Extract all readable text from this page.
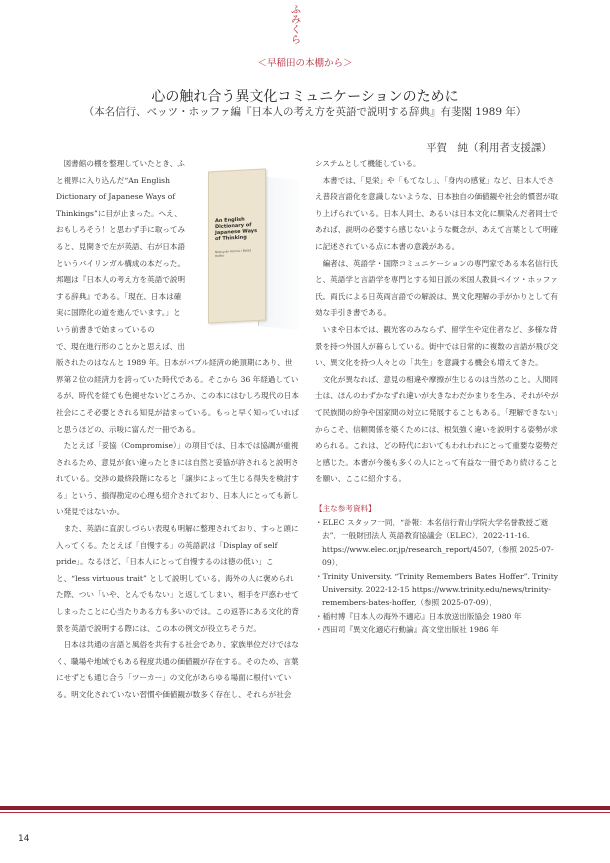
ふみくら
＜早稲田の本棚から＞
心の触れ合う異文化コミュニケーションのために
（本名信行、ベッツ・ホッファ編『日本人の考え方を英語で説明する辞典』有斐閣 1989 年）
平賀　純（利用者支援課）
An English Dictionary of Japanese Ways of Thinking
Nobuyuki Honna / Bates Hoffer

図書館の棚を整理していたとき、ふと視界に入り込んだ“An English Dictionary of Japanese Ways of Thinkings”に目が止まった。へえ、おもしろそう！と思わず手に取ってみると、見開きで左が英語、右が日本語というバイリンガル構成の本だった。邦題は『日本人の考え方を英語で説明する辞典』である。「現在、日本は確実に国際化の道を進んでいます。」という前書きで始まっているの

で、現在進行形のことかと思えば、出版されたのはなんと 1989 年。日本がバブル経済の絶頂期にあり、世界第２位の経済力を誇っていた時代である。そこから 36 年経過しているが、時代を経ても色褪せないどころか、この本にはむしろ現代の日本社会にこそ必要とされる知見が詰まっている。もっと早く知っていればと思うほどの、示唆に富んだ一冊である。

たとえば「妥協（Compromise）」の項目では、日本では協調が重視されるため、意見が食い違ったときには自然と妥協が許されると説明されている。交渉の最終段階になると「譲歩によって生じる得失を検討する」という、損得勘定の心理も紹介されており、日本人にとっても新しい発見ではないか。

また、英語に直訳しづらい表現も明解に整理されており、すっと頭に入ってくる。たとえば「自慢する」の英語訳は「Display of self pride」。なるほど、「日本人にとって自慢するのは徳の低い」こと、“less virtuous trait” として説明している。海外の人に褒められた際、つい「いや、とんでもない」と返してしまい、相手を戸惑わせてしまったことに心当たりある方も多いのでは。この返答にある文化的背景を英語で説明する際には、この本の例文が役立ちそうだ。

日本は共通の言語と風俗を共有する社会であり、家族単位だけではなく、職場や地域でもある程度共通の価値観が存在する。そのため、言葉にせずとも通じ合う「ツーカー」の文化があらゆる場面に根付いている。明文化されていない習慣や価値観が数多く存在し、それらが社会

システムとして機能している。

本書では、「見栄」や「もてなし」、「身内の感覚」など、日本人でさえ普段言語化を意識しないような、日本独自の価値観や社会的慣習が取り上げられている。日本人同士、あるいは日本文化に馴染んだ者同士であれば、説明の必要すら感じないような概念が、あえて言葉として明確に記述されている点に本書の意義がある。

編者は、英語学・国際コミュニケーションの専門家である本名信行氏と、英語学と言語学を専門とする知日派の米国人教員ベイツ・ホッファ氏。両氏による日英両言語での解説は、異文化理解の手がかりとして有効な手引き書である。

いまや日本では、観光客のみならず、留学生や定住者など、多様な背景を持つ外国人が暮らしている。街中では日常的に複数の言語が飛び交い、異文化を持つ人々との「共生」を意識する機会も増えてきた。

文化が異なれば、意見の相違や摩擦が生じるのは当然のこと。人間同士は、ほんのわずかなずれ違いが大きなわだかまりを生み、それがやがて民族間の紛争や国家間の対立に発展することもある。「理解できない」からこそ、信頼関係を築くためには、根気強く違いを説明する姿勢が求められる。これは、どの時代においてもわれわれにとって重要な姿勢だと感じた。本書が今後も多くの人にとって有益な一冊であり続けることを願い、ここに紹介する。

【主な参考資料】

・ELEC スタッフ一同．“訃報：本名信行青山学院大学名誉教授ご逝去”．一般財団法人 英語教育協議会（ELEC）．2022-11-16. https://www.elec.or.jp/research_report/4507,（参照 2025-07-09）．

・Trinity University. “Trinity Remembers Bates Hoffer”. Trinity University. 2022-12-15 https://www.trinity.edu/news/trinity-remembers-bates-hoffer,（参照 2025-07-09）．

・稲村博『日本人の海外不適応』日本放送出版協会 1980 年

・西田司『異文化適応行動論』高文堂出版社 1986 年

14
